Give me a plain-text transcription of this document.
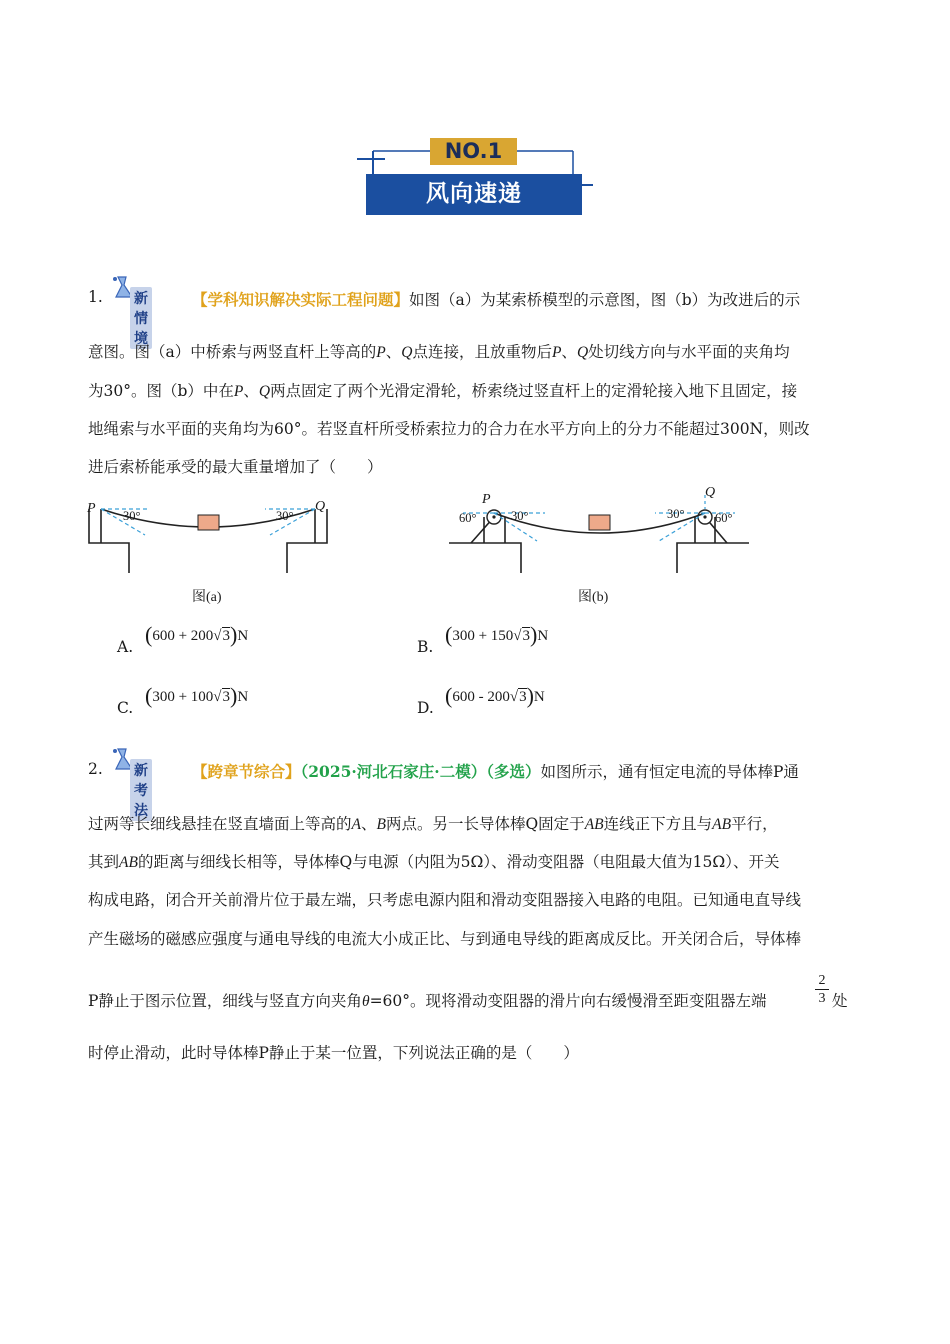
NO.1
风向速递
1. 新情境
【学科知识解决实际工程问题】如图（a）为某索桥模型的示意图，图（b）为改进后的示
意图。图（a）中桥索与两竖直杆上等高的P、Q点连接，且放重物后P、Q处切线方向与水平面的夹角均
为30°。图（b）中在P、Q两点固定了两个光滑定滑轮，桥索绕过竖直杆上的定滑轮接入地下且固定，接
地绳索与水平面的夹角均为60°。若竖直杆所受桥索拉力的合力在水平方向上的分力不能超过300N，则改
进后索桥能承受的最大重量增加了（　　）
P	Q
30°	30°
图(a)
P	Q
60°	30°	30° 60°
图(b)
A. (600 + 200√3)N
B. (300 + 150√3)N
C. (300 + 100√3)N
D. (600 - 200√3)N
2. 新考法
【跨章节综合】（2025·河北石家庄·二模）（多选）如图所示，通有恒定电流的导体棒P通
过两等长细线悬挂在竖直墙面上等高的A、B两点。另一长导体棒Q固定于AB连线正下方且与AB平行，
其到AB的距离与细线长相等，导体棒Q与电源（内阻为5Ω）、滑动变阻器（电阻最大值为15Ω）、开关
构成电路，闭合开关前滑片位于最左端，只考虑电源内阻和滑动变阻器接入电路的电阻。已知通电直导线
产生磁场的磁感应强度与通电导线的电流大小成正比、与到通电导线的距离成反比。开关闭合后，导体棒
P静止于图示位置，细线与竖直方向夹角θ=60°。现将滑动变阻器的滑片向右缓慢滑至距变阻器左端	$\frac{2}{3}$ 处
时停止滑动，此时导体棒P静止于某一位置，下列说法正确的是（　　）
